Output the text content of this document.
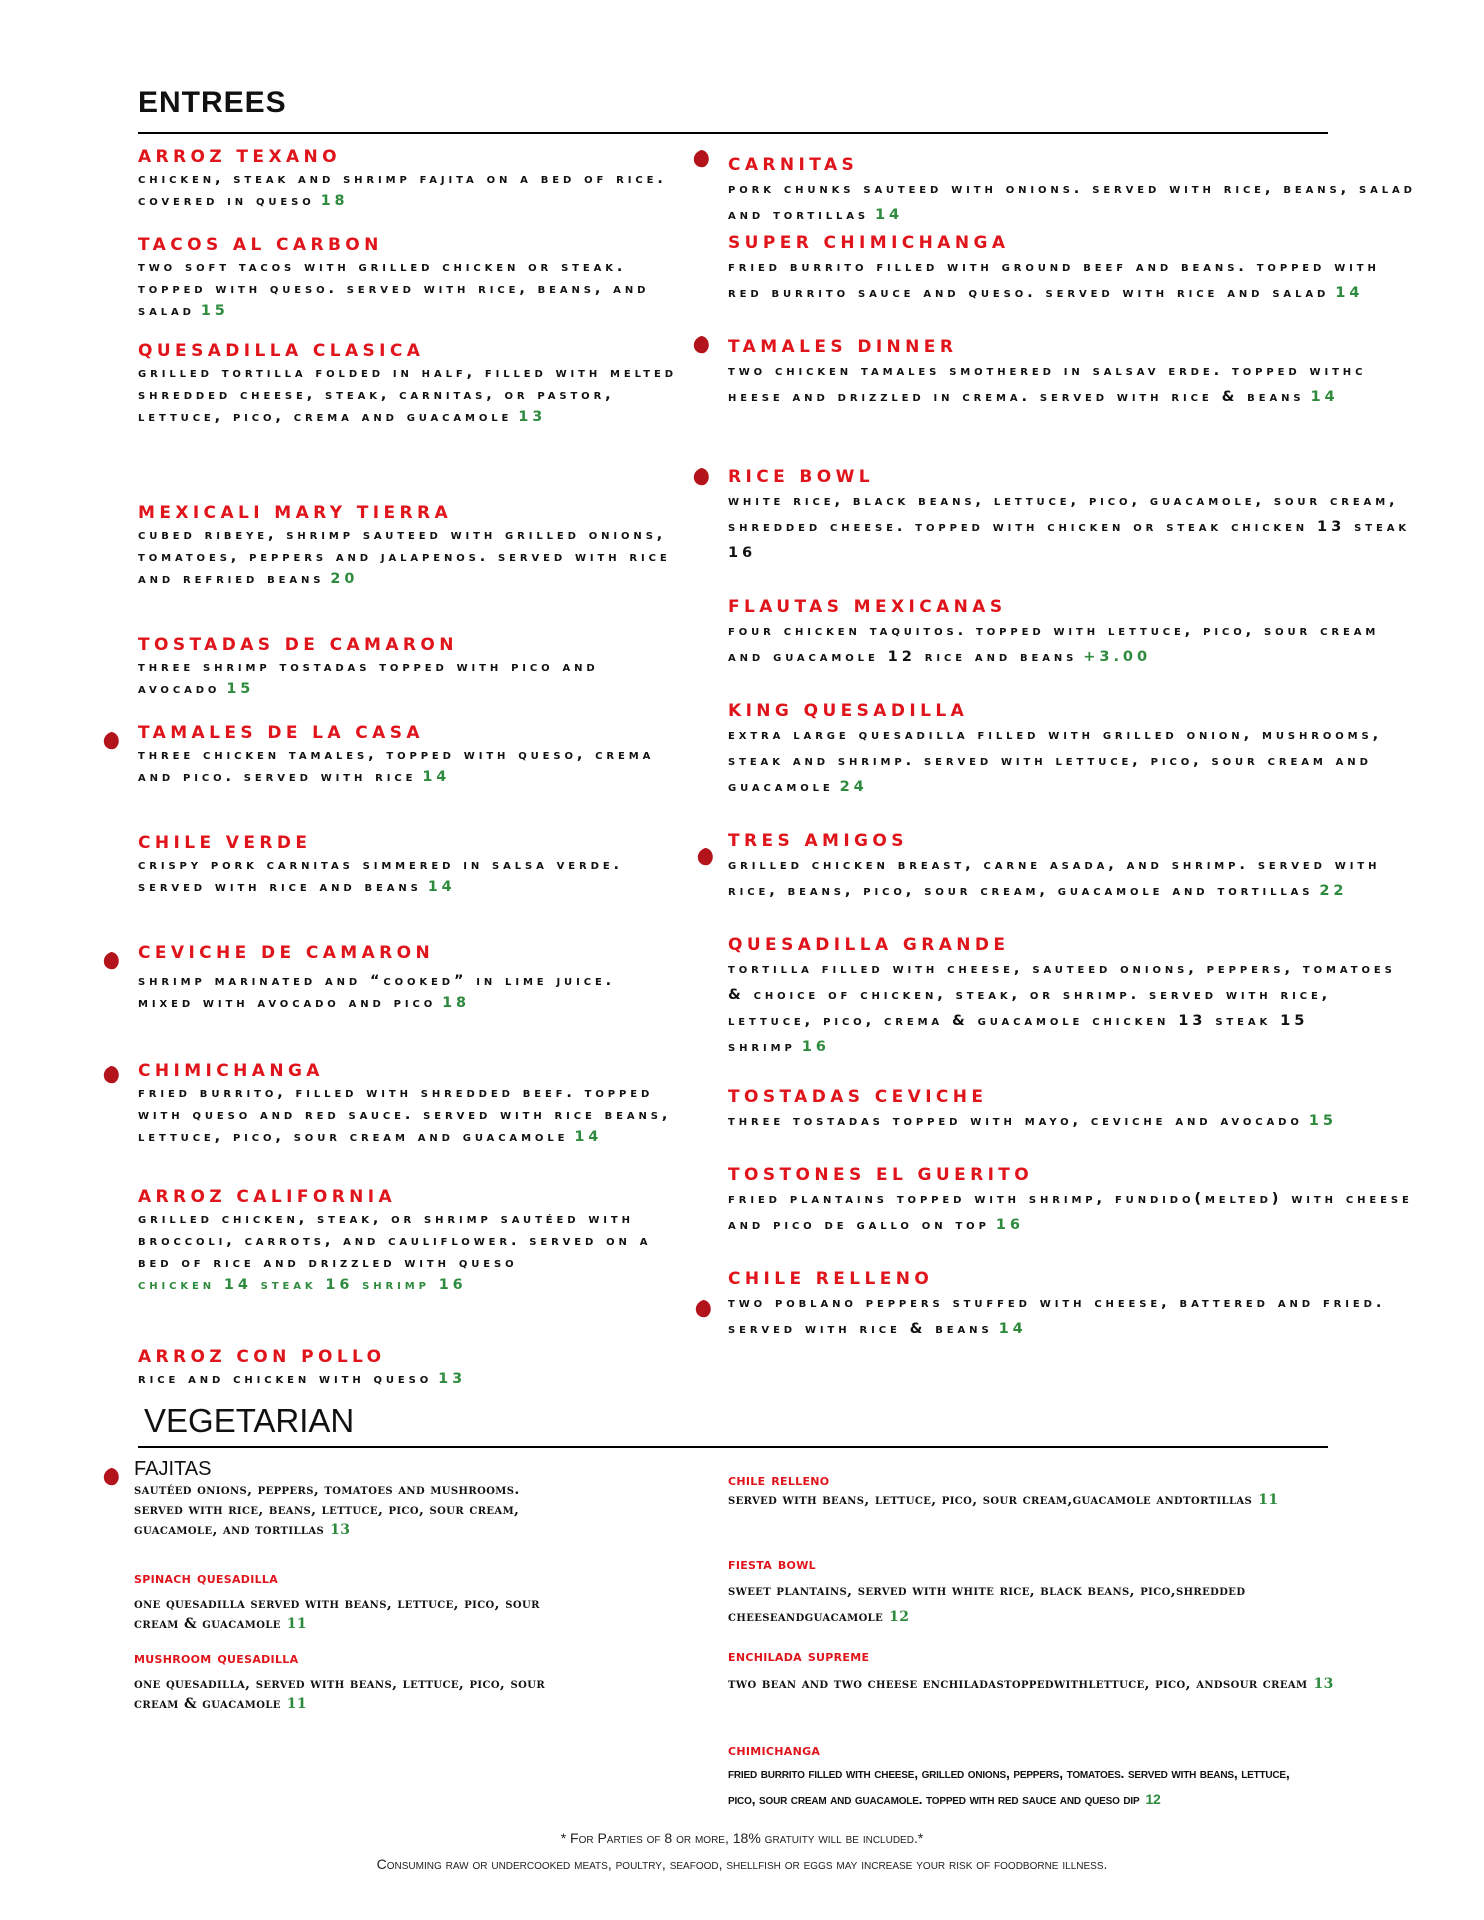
ENTREES
ARROZ TEXANO
chicken, steak and shrimp fajita on a bed of rice. covered in queso 18
TACOS AL CARBON
two soft tacos with grilled chicken or steak. topped with queso. served with rice, beans, and salad 15
QUESADILLA CLASICA
grilled tortilla folded in half, filled with melted shredded cheese, steak, carnitas, or pastor, lettuce, pico, crema and guacamole 13
MEXICALI MARY TIERRA
cubed ribeye, shrimp sauteed with grilled onions, tomatoes, peppers and jalapenos. served with rice and refried beans 20
TOSTADAS DE CAMARON
three shrimp tostadas topped with pico and avocado 15
TAMALES DE LA CASA
three chicken tamales, topped with queso, crema and pico. served with rice 14
CHILE VERDE
crispy pork carnitas simmered in salsa verde. served with rice and beans 14
CEVICHE DE CAMARON
shrimp marinated and “cooked” in lime juice. mixed with avocado and pico 18
CHIMICHANGA
fried burrito, filled with shredded beef. topped with queso and red sauce. served with rice beans, lettuce, pico, sour cream and guacamole 14
ARROZ CALIFORNIA
grilled chicken, steak, or shrimp sautéed with broccoli, carrots, and cauliflower. served on a bed of rice and drizzled with queso
chicken 14 steak 16 shrimp 16
ARROZ CON POLLO
rice and chicken with queso 13
CARNITAS
pork chunks sauteed with onions. served with rice, beans, salad and tortillas 14
SUPER CHIMICHANGA
fried burrito filled with ground beef and beans. topped with red burrito sauce and queso. served with rice and salad 14
TAMALES DINNER
two chicken tamales smothered in salsav erde. topped withc heese and drizzled in crema. served with rice & beans 14
RICE BOWL
white rice, black beans, lettuce, pico, guacamole, sour cream, shredded cheese. topped with chicken or steak chicken 13 steak 16
FLAUTAS MEXICANAS
four chicken taquitos. topped with lettuce, pico, sour cream and guacamole 12 rice and beans +3.00
KING QUESADILLA
extra large quesadilla filled with grilled onion, mushrooms, steak and shrimp. served with lettuce, pico, sour cream and guacamole 24
TRES AMIGOS
grilled chicken breast, carne asada, and shrimp. served with rice, beans, pico, sour cream, guacamole and tortillas 22
QUESADILLA GRANDE
tortilla filled with cheese, sauteed onions, peppers, tomatoes & choice of chicken, steak, or shrimp. served with rice, lettuce, pico, crema & guacamole chicken 13 steak 15 shrimp 16
TOSTADAS CEVICHE
three tostadas topped with mayo, ceviche and avocado 15
TOSTONES EL GUERITO
fried plantains topped with shrimp, fundido(melted) with cheese and pico de gallo on top 16
CHILE RELLENO
two poblano peppers stuffed with cheese, battered and fried. served with rice & beans 14
VEGETARIAN
FAJITAS
sautéed onions, peppers, tomatoes and mushrooms. served with rice, beans, lettuce, pico, sour cream, guacamole, and tortillas 13
spinach quesadilla
one quesadilla served with beans, lettuce, pico, sour cream & guacamole 11
mushroom quesadilla
one quesadilla, served with beans, lettuce, pico, sour cream & guacamole 11
chile relleno
served with beans, lettuce, pico, sour cream,guacamole andtortillas 11
fiesta bowl
sweet plantains, served with white rice, black beans, pico,shredded cheeseandguacamole 12
enchilada supreme
two bean and two cheese enchiladastoppedwithlettuce, pico, andsour cream 13
chimichanga
fried burrito filled with cheese, grilled onions, peppers, tomatoes. served with beans, lettuce, pico, sour cream and guacamole. topped with red sauce and queso dip 12
* For Parties of 8 or more, 18% gratuity will be included.*
Consuming raw or undercooked meats, poultry, seafood, shellfish or eggs may increase your risk of foodborne illness.
